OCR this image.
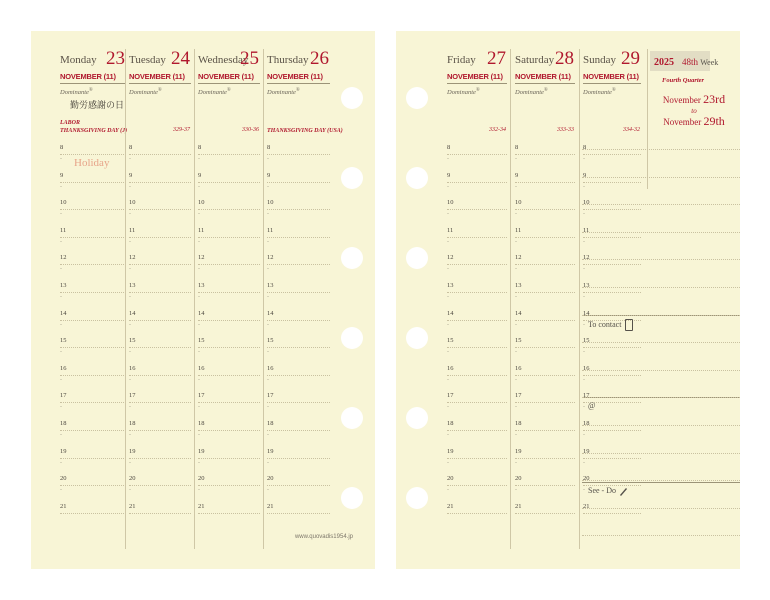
Monday 23
NOVEMBER (11)
Dominante®
勤労感謝の日
LABOR
THANKSGIVING DAY (J)
Holiday
8
-
9
-
10
-
11
-
12
-
13
-
14
-
15
-
16
-
17
-
18
-
19
-
20
-
21
Tuesday 24
NOVEMBER (11)
Dominante®
329-37
8
-
9
-
10
-
11
-
12
-
13
-
14
-
15
-
16
-
17
-
18
-
19
-
20
-
21
Wednesday
25
NOVEMBER (11)
Dominante®
330-36
8
-
9
-
10
-
11
-
12
-
13
-
14
-
15
-
16
-
17
-
18
-
19
-
20
-
21
Thursday 26
NOVEMBER (11)
Dominante®
THANKSGIVING DAY (USA)
8
-
9
-
10
-
11
-
12
-
13
-
14
-
15
-
16
-
17
-
18
-
19
-
20
-
21
www.quovadis1954.jp
Friday 27
NOVEMBER (11)
Dominante®
332-34
8
-
9
-
10
-
11
-
12
-
13
-
14
-
15
-
16
-
17
-
18
-
19
-
20
-
21
Saturday 28
NOVEMBER (11)
Dominante®
333-33
8
-
9
-
10
-
11
-
12
-
13
-
14
-
15
-
16
-
17
-
18
-
19
-
20
-
21
Sunday 29
NOVEMBER (11)
Dominante®
334-32
8
-
9
-
10
-
11
-
12
-
13
-
14
-
15
-
16
-
17
-
18
-
19
-
20
-
21
2025 48th Week
Fourth Quarter
November 23rd
to
November 29th
To contact
@
See - Do
